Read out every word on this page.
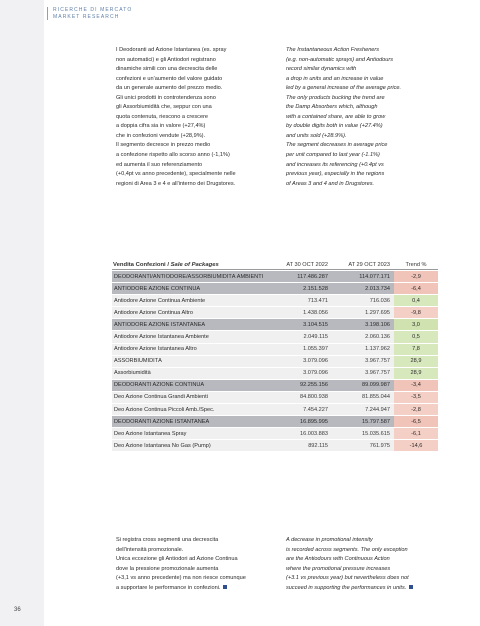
RICERCHE DI MERCATO
MARKET RESEARCH

I Deodoranti ad Azione Istantanea (es. spray

non automatici) e gli Antiodori registrano

dinamiche simili con una decrescita delle

confezioni e un'aumento del valore guidato

da un generale aumento del prezzo medio.

Gli unici prodotti in controtendenza sono

gli Assorbiumidità che, seppur con una

quota contenuta, riescono a crescere

a doppia cifra sia in valore (+27,4%)

che in confezioni vendute (+28,9%).

Il segmento decresce in prezzo medio

a confezione rispetto allo scorso anno (-1,1%)

ed aumenta il suo referenziamento

(+0,4pt vs anno precedente), specialmente nelle

regioni di Area 3 e 4 e all'interno dei Drugstores.

The Instantaneous Action Fresheners

(e.g. non-automatic sprays) and Antiodours

record similar dynamics with

a drop in units and an increase in value

led by a general increase of the average price.

The only products bucking the trend are

the Damp Absorbers which, although

with a contained share, are able to grow

by double digits both in value (+27.4%)

and units sold (+28.9%).

The segment decreases in average price

per unit compared to last year (-1.1%)

and increases its referencing (+0.4pt vs

previous year), especially in the regions

of Areas 3 and 4 and in Drugstores.

Vendita Confezioni / Sale of Packages	AT 30 OCT 2022	AT 29 OCT 2023	Trend %
DEODORANTI/ANTIODORE/ASSORBIUMIDITÀ AMBIENTI	117.486.287	114.077.171	-2,9
ANTIODORE AZIONE CONTINUA	2.151.528	2.013.734	-6,4
Antiodore Azione Continua Ambiente	713.471	716.036	0,4
Antiodore Azione Continua Altro	1.438.056	1.297.695	-9,8
ANTIODORE AZIONE ISTANTANEA	3.104.515	3.198.106	3,0
Antiodore Azione Istantanea Ambiente	2.049.115	2.060.136	0,5
Antiodore Azione Istantanea Altro	1.055.397	1.137.962	7,8
ASSORBIUMIDITÀ	3.079.096	3.967.757	28,9
Assorbiumidità	3.079.096	3.967.757	28,9
DEODORANTI AZIONE CONTINUA	92.255.156	89.099.987	-3,4
Deo Azione Continua Grandi Ambienti	84.800.938	81.855.044	-3,5
Deo Azione Continua Piccoli Amb./Spec.	7.454.227	7.244.947	-2,8
DEODORANTI AZIONE ISTANTANEA	16.895.995	15.797.587	-6,5
Deo Azione Istantanea Spray	16.003.883	15.035.615	-6,1
Deo Azione Istantanea No Gas (Pump)	892.115	761.975	-14,6

Si registra cross segmenti una decrescita

dell'intensità promozionale.

Unica eccezione gli Antiodori ad Azione Continua

dove la pressione promozionale aumenta

(+3,1 vs anno precedente) ma non riesce comunque

a supportare le performance in confezioni.

A decrease in promotional intensity

is recorded across segments. The only exception

are the Antiodours with Continuous Action

where the promotional pressure increases

(+3.1 vs previous year) but nevertheless does not

succeed in supporting the performances in units.

36
